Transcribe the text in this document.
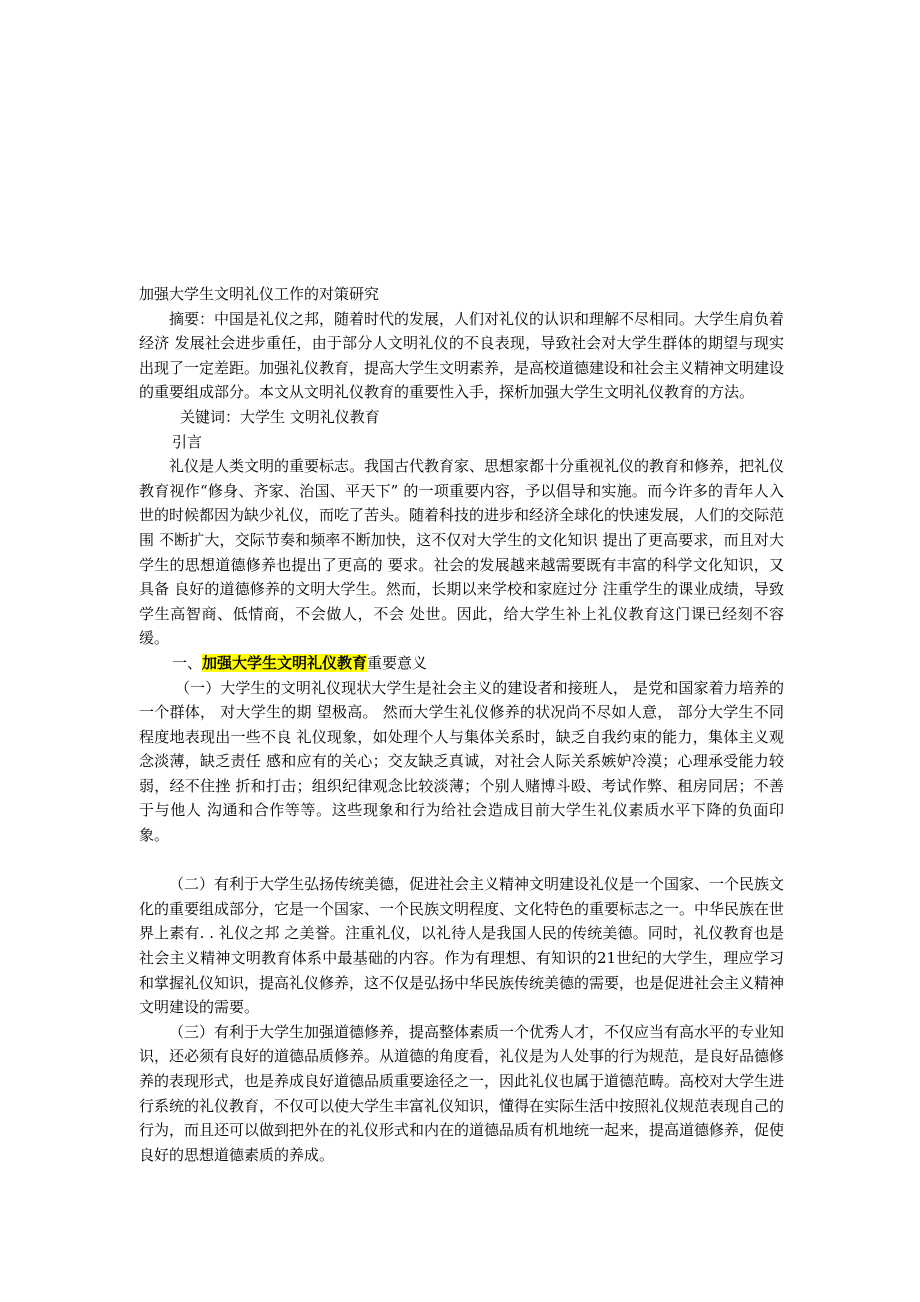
加强大学生文明礼仪工作的对策研究

摘要：中国是礼仪之邦，随着时代的发展，人们对礼仪的认识和理解不尽相同。大学生肩负着经济 发展社会进步重任，由于部分人文明礼仪的不良表现，导致社会对大学生群体的期望与现实出现了一定差距。加强礼仪教育，提高大学生文明素养，是高校道德建设和社会主义精神文明建设的重要组成部分。本文从文明礼仪教育的重要性入手，探析加强大学生文明礼仪教育的方法。

关键词：大学生 文明礼仪教育

引言

礼仪是人类文明的重要标志。我国古代教育家、思想家都十分重视礼仪的教育和修养，把礼仪教育视作“修身、齐家、治国、平天下” 的一项重要内容，予以倡导和实施。而今许多的青年人入世的时候都因为缺少礼仪，而吃了苦头。随着科技的进步和经济全球化的快速发展，人们的交际范围 不断扩大，交际节奏和频率不断加快，这不仅对大学生的文化知识 提出了更高要求，而且对大学生的思想道德修养也提出了更高的 要求。社会的发展越来越需要既有丰富的科学文化知识，又具备 良好的道德修养的文明大学生。然而，长期以来学校和家庭过分 注重学生的课业成绩，导致学生高智商、低情商，不会做人，不会 处世。因此，给大学生补上礼仪教育这门课已经刻不容缓。

一、加强大学生文明礼仪教育重要意义

（一）大学生的文明礼仪现状大学生是社会主义的建设者和接班人， 是党和国家着力培养的一个群体， 对大学生的期 望极高。 然而大学生礼仪修养的状况尚不尽如人意， 部分大学生不同程度地表现出一些不良 礼仪现象，如处理个人与集体关系时，缺乏自我约束的能力，集体主义观念淡薄，缺乏责任 感和应有的关心；交友缺乏真诚，对社会人际关系嫉妒冷漠；心理承受能力较弱，经不住挫 折和打击；组织纪律观念比较淡薄；个别人赌博斗殴、考试作弊、租房同居；不善于与他人 沟通和合作等等。这些现象和行为给社会造成目前大学生礼仪素质水平下降的负面印象。

（二）有利于大学生弘扬传统美德，促进社会主义精神文明建设礼仪是一个国家、一个民族文化的重要组成部分，它是一个国家、一个民族文明程度、文化特色的重要标志之一。中华民族在世界上素有. . 礼仪之邦 之美誉。注重礼仪，以礼待人是我国人民的传统美德。同时，礼仪教育也是社会主义精神文明教育体系中最基础的内容。作为有理想、有知识的21世纪的大学生，理应学习和掌握礼仪知识，提高礼仪修养，这不仅是弘扬中华民族传统美德的需要，也是促进社会主义精神文明建设的需要。

（三）有利于大学生加强道德修养，提高整体素质一个优秀人才，不仅应当有高水平的专业知识，还必须有良好的道德品质修养。从道德的角度看，礼仪是为人处事的行为规范，是良好品德修养的表现形式，也是养成良好道德品质重要途径之一，因此礼仪也属于道德范畴。高校对大学生进行系统的礼仪教育，不仅可以使大学生丰富礼仪知识，懂得在实际生活中按照礼仪规范表现自己的行为，而且还可以做到把外在的礼仪形式和内在的道德品质有机地统一起来，提高道德修养，促使良好的思想道德素质的养成。
